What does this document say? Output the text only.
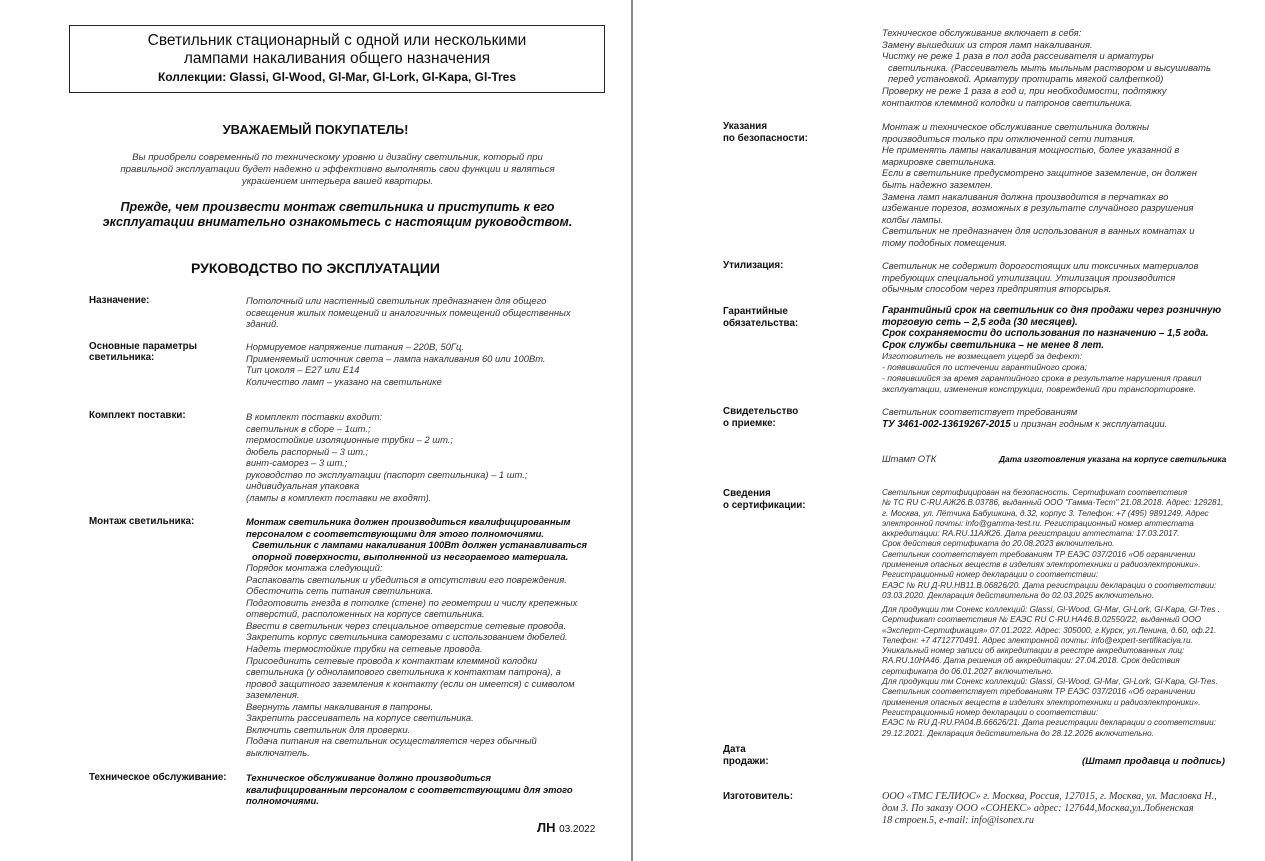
Светильник стационарный с одной или несколькими
лампами накаливания общего назначения
Коллекции: Glassi, Gl-Wood, Gl-Mar, Gl-Lork, Gl-Kapa, Gl-Tres
УВАЖАЕМЫЙ ПОКУПАТЕЛЬ!
Вы приобрели современный по техническому уровню и дизайну светильник, который при
правильной эксплуатации будет надежно и эффективно выполнять свои функции и являться
украшением интерьера вашей квартиры.
Прежде, чем произвести монтаж светильника и приступить к его
эксплуатации внимательно ознакомьтесь с настоящим руководством.
РУКОВОДСТВО ПО ЭКСПЛУАТАЦИИ
Назначение:	Потолочный или настенный светильник предназначен для общего
освещения жилых помещений и аналогичных помещений общественных
зданий.
Основные параметры
светильника:
Нормируемое напряжение питания – 220В, 50Гц.
Применяемый источник света – лампа накаливания 60 или 100Вт.
Тип цоколя – Е27 или Е14
Количество ламп – указано на светильнике
Комплект поставки:	В комплект поставки входит:
светильник в сборе – 1шт.;
термостойкие изоляционные трубки – 2 шт.;
дюбель распорный – 3 шт.;
винт-саморез – 3 шт.;
руководство по эксплуатации (паспорт светильника) – 1 шт.;
индивидуальная упаковка
(лампы в комплект поставки не входят).
Монтаж светильника:	Монтаж светильника должен производиться квалифицированным
персоналом с соответствующими для этого полномочиями.
Светильник с лампами накаливания 100Вт должен устанавливаться
опорной поверхности, выполненной из несгораемого материала.
Порядок монтажа следующий:
Распаковать светильник и убедиться в отсутствии его повреждения.
Обесточить сеть питания светильника.
Подготовить гнезда в потолке (стене) по геометрии и числу крепежных
отверстий, расположенных на корпусе светильника.
Ввести в светильник через специальное отверстие сетевые провода.
Закрепить корпус светильника саморезами с использованием дюбелей.
Надеть термостойкие трубки на сетевые провода.
Присоединить сетевые провода к контактам клеммной колодки
светильника (у однолампового светильника к контактам патрона), а
провод защитного заземления к контакту (если он имеется) с символом
заземления.
Ввернуть лампы накаливания в патроны.
Закрепить рассеиватель на корпусе светильника.
Включить светильник для проверки.
Подача питания на светильник осуществляется через обычный
выключатель.
Техническое обслуживание: Техническое обслуживание должно производиться
квалифицированным персоналом с соответствующими для этого
полномочиями.
ЛН 03.2022
Техническое обслуживание включает в себя:
Замену вышедших из строя ламп накаливания.
Чистку не реже 1 раза в пол года рассеивателя и арматуры
светильника. (Рассеиватель мыть мыльным раствором и высушивать
перед установкой. Арматуру протирать мягкой салфеткой)
Проверку не реже 1 раза в год и, при необходимости, подтяжку
контактов клеммной колодки и патронов светильника.
Указания
по безопасности:
Монтаж и техническое обслуживание светильника должны
производиться только при отключенной сети питания.
Не применять лампы накаливания мощностью, более указанной в
маркировке светильника.
Если в светильнике предусмотрено защитное заземление, он должен
быть надежно заземлен.
Замена ламп накаливания должна производится в перчатках во
избежание порезов, возможных в результате случайного разрушения
колбы лампы.
Светильник не предназначен для использования в ванных комнатах и
тому подобных помещения.
Утилизация:	Светильник не содержит дорогостоящих или токсичных материалов
требующих специальной утилизации. Утилизация производится
обычным способом через предприятия вторсырья.
Гарантийные
обязательства:
Гарантийный срок на светильник со дня продажи через розничную
торговую сеть – 2,5 года (30 месяцев).
Срок сохраняемости до использования по назначению – 1,5 года.
Срок службы светильника – не менее 8 лет.
Изготовитель не возмещает ущерб за дефект:
- появившийся по истечении гарантийного срока;
- появившийся за время гарантийного срока в результате нарушения правил
эксплуатации, изменения конструкции, повреждений при транспортировке.
Свидетельство
о приемке:
Светильник соответствует требованиям
ТУ 3461-002-13619267-2015 и признан годным к эксплуатации.
Штамп ОТК	Дата изготовления указана на корпусе светильника
Сведения
о сертификации:
Светильник сертифицирован на безопасность. Сертификат соответствия
№ ТС RU C-RU.АЖ26.В.03786, выданный ООО "Гамма-Тест" 21.08.2018. Адрес: 129281,
г. Москва, ул. Лётчика Бабушкина, д.32, корпус 3. Телефон: +7 (495) 9891249. Адрес
электронной почты: info@gamma-test.ru. Регистрационный номер аттестата
аккредитации: RA.RU.11АЖ26. Дата регистрации аттестата: 17.03.2017.
Срок действия сертификата до 20.08.2023 включительно.
Светильник соответствует требованиям ТР ЕАЭС 037/2016 «Об ограничении
применения опасных веществ в изделиях электротехники и радиоэлектроники».
Регистрационный номер декларации о соответствии:
ЕАЭС № RU Д-RU.НВ11.В.06826/20. Дата регистрации декларации о соответствии:
03.03.2020. Декларация действительна до 02.03.2025 включительно.
Для продукции тм Сонекс коллекций: Glassi, Gl-Wood, Gl-Mar, Gl-Lork, Gl-Kapa, Gl-Tres .
Сертификат соответствия № ЕАЭС RU C-RU.НА46.В.02550/22, выданный ООО
«Эксперт-Сертификация» 07.01.2022. Адрес: 305000, г.Курск, ул.Ленина, д.60, оф.21.
Телефон: +7 4712770491. Адрес электронной почты: info@expert-sertifikaciya.ru.
Уникальный номер записи об аккредитации в реестре аккредитованных лиц:
RA.RU.10НА46. Дата решения об аккредитации: 27.04.2018. Срок действия
сертификата до 06.01.2027 включительно.
Для продукции тм Сонекс коллекций: Glassi, Gl-Wood, Gl-Mar, Gl-Lork, Gl-Kapa, Gl-Tres.
Светильник соответствует требованиям ТР ЕАЭС 037/2016 «Об ограничении
применения опасных веществ в изделиях электротехники и радиоэлектроники».
Регистрационный номер декларации о соответствии:
ЕАЭС № RU Д-RU.РА04.В.66626/21. Дата регистрации декларации о соответствии:
29.12.2021. Декларация действительна до 28.12.2026 включительно.
Дата
продажи:	(Штамп продавца и подпись)
Изготовитель:	ООО «ТМС ГЕЛИОС» г. Москва, Россия, 127015, г. Москва, ул. Масловка Н.,
дом 3. По заказу ООО «СОНЕКС» адрес: 127644,Москва,ул.Лобненская
18 строен.5, e-mail: info@isonex.ru
